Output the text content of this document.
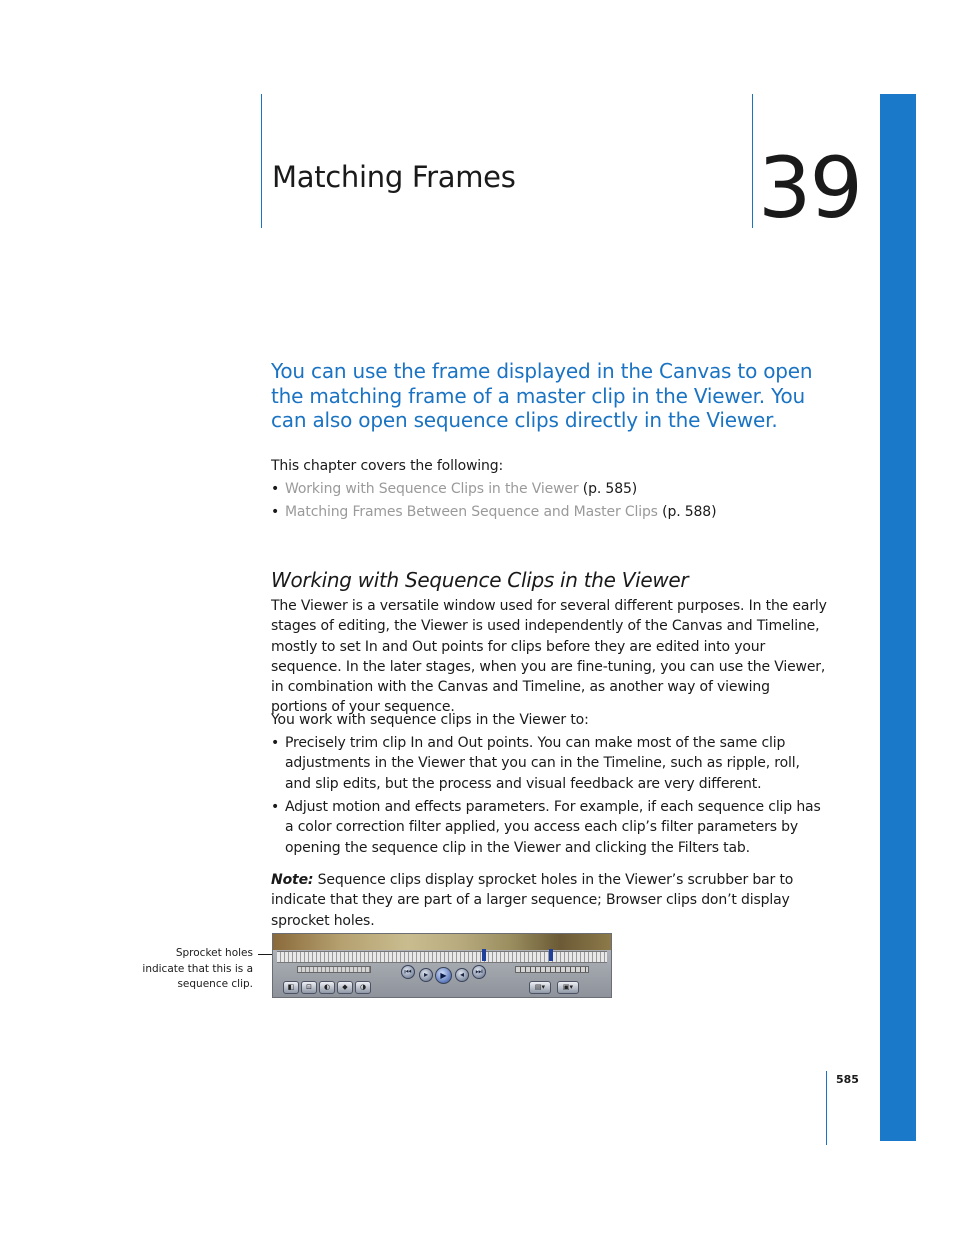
Matching Frames	39
You can use the frame displayed in the Canvas to open the matching frame of a master clip in the Viewer. You can also open sequence clips directly in the Viewer.
This chapter covers the following:
• Working with Sequence Clips in the Viewer (p. 585)
• Matching Frames Between Sequence and Master Clips (p. 588)
Working with Sequence Clips in the Viewer
The Viewer is a versatile window used for several different purposes. In the early stages of editing, the Viewer is used independently of the Canvas and Timeline, mostly to set In and Out points for clips before they are edited into your sequence. In the later stages, when you are fine-tuning, you can use the Viewer, in combination with the Canvas and Timeline, as another way of viewing portions of your sequence.
You work with sequence clips in the Viewer to:
• Precisely trim clip In and Out points. You can make most of the same clip adjustments in the Viewer that you can in the Timeline, such as ripple, roll, and slip edits, but the process and visual feedback are very different.
• Adjust motion and effects parameters. For example, if each sequence clip has a color correction filter applied, you access each clip’s filter parameters by opening the sequence clip in the Viewer and clicking the Filters tab.
Note: Sequence clips display sprocket holes in the Viewer’s scrubber bar to indicate that they are part of a larger sequence; Browser clips don’t display sprocket holes.
Sprocket holes indicate that this is a sequence clip.
⏮	▸	▶	◂	⏭
◧	⊡	◐	◆	◑	▤▾	▣▾
585
